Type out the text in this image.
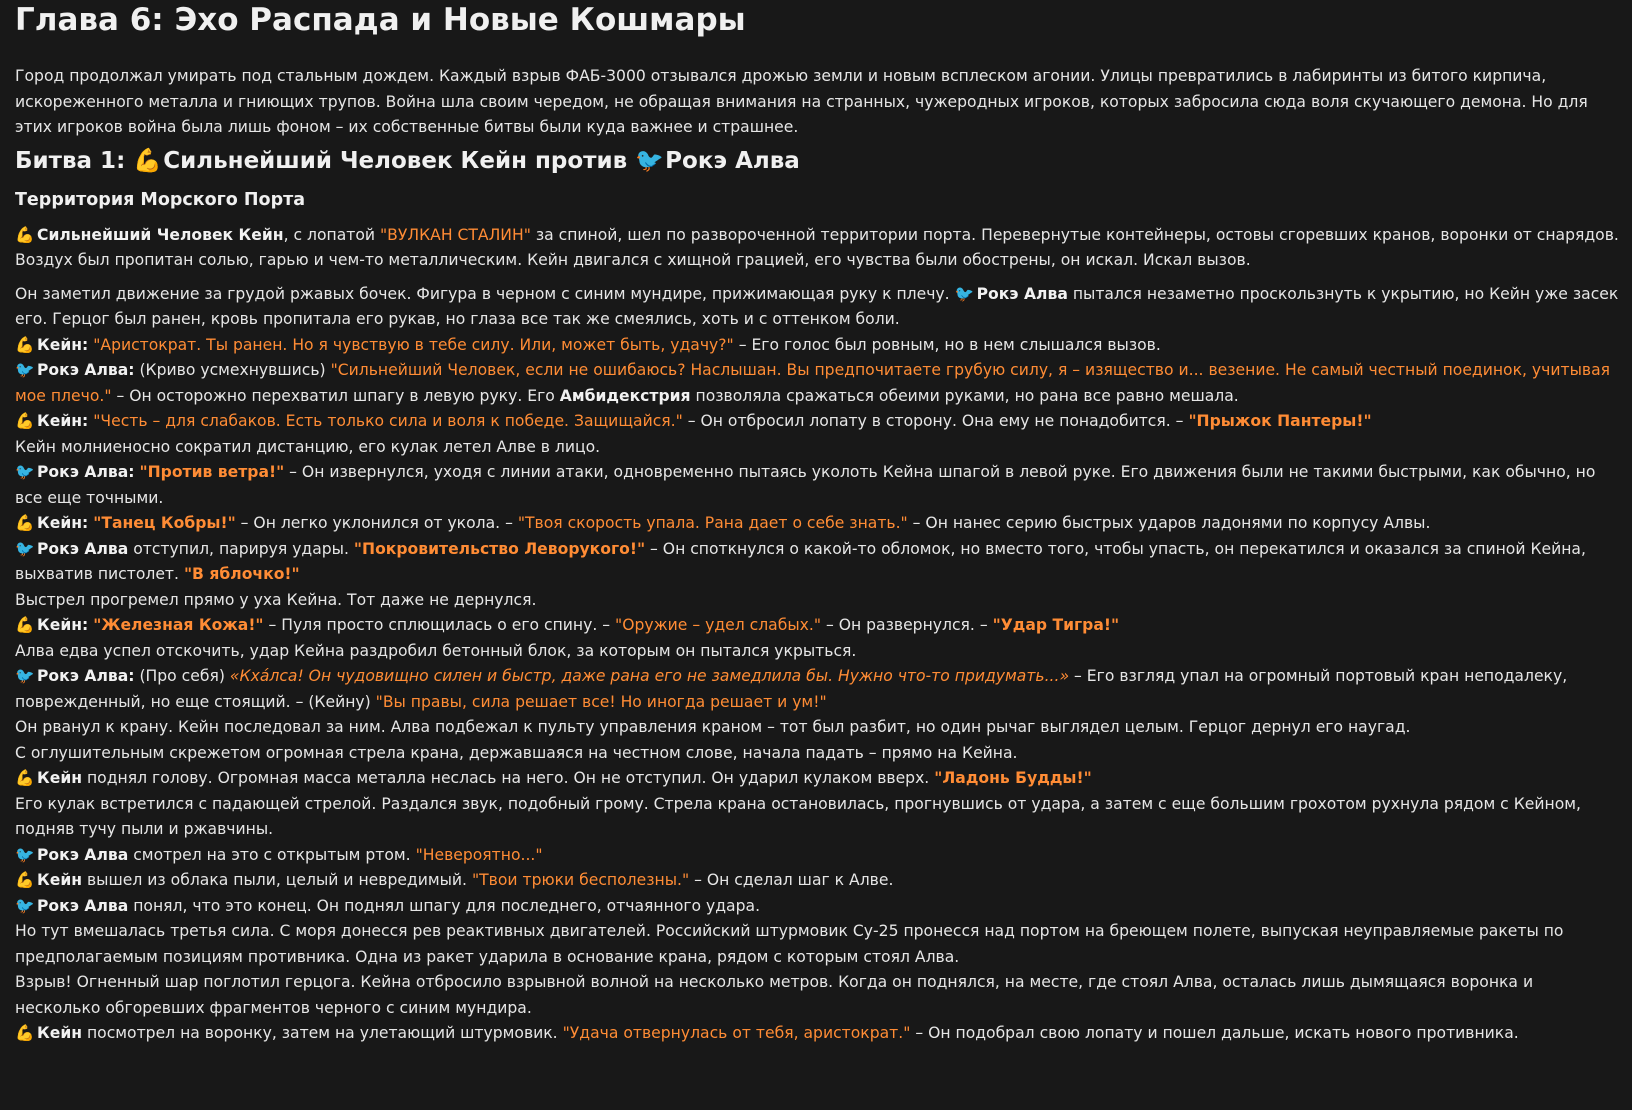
Глава 6: Эхо Распада и Новые Кошмары

Город продолжал умирать под стальным дождем. Каждый взрыв ФАБ-3000 отзывался дрожью земли и новым всплеском агонии. Улицы превратились в лабиринты из битого кирпича, искореженного металла и гниющих трупов. Война шла своим чередом, не обращая внимания на странных, чужеродных игроков, которых забросила сюда воля скучающего демона. Но для этих игроков война была лишь фоном – их собственные битвы были куда важнее и страшнее.

Битва 1: 💪 Сильнейший Человек Кейн против 🐦 Рокэ Алва
Территория Морского Порта

💪 Сильнейший Человек Кейн, с лопатой "ВУЛКАН СТАЛИН" за спиной, шел по развороченной территории порта. Перевернутые контейнеры, остовы сгоревших кранов, воронки от снарядов. Воздух был пропитан солью, гарью и чем-то металлическим. Кейн двигался с хищной грацией, его чувства были обострены, он искал. Искал вызов.

Он заметил движение за грудой ржавых бочек. Фигура в черном с синим мундире, прижимающая руку к плечу. 🐦 Рокэ Алва пытался незаметно проскользнуть к укрытию, но Кейн уже засек его. Герцог был ранен, кровь пропитала его рукав, но глаза все так же смеялись, хоть и с оттенком боли.

💪 Кейн: "Аристократ. Ты ранен. Но я чувствую в тебе силу. Или, может быть, удачу?" – Его голос был ровным, но в нем слышался вызов.

🐦 Рокэ Алва: (Криво усмехнувшись) "Сильнейший Человек, если не ошибаюсь? Наслышан. Вы предпочитаете грубую силу, я – изящество и... везение. Не самый честный поединок, учитывая мое плечо." – Он осторожно перехватил шпагу в левую руку. Его Амбидекстрия позволяла сражаться обеими руками, но рана все равно мешала.

💪 Кейн: "Честь – для слабаков. Есть только сила и воля к победе. Защищайся." – Он отбросил лопату в сторону. Она ему не понадобится. – "Прыжок Пантеры!"

Кейн молниеносно сократил дистанцию, его кулак летел Алве в лицо.

🐦 Рокэ Алва: "Против ветра!" – Он извернулся, уходя с линии атаки, одновременно пытаясь уколоть Кейна шпагой в левой руке. Его движения были не такими быстрыми, как обычно, но все еще точными.

💪 Кейн: "Танец Кобры!" – Он легко уклонился от укола. – "Твоя скорость упала. Рана дает о себе знать." – Он нанес серию быстрых ударов ладонями по корпусу Алвы.

🐦 Рокэ Алва отступил, парируя удары. "Покровительство Леворукого!" – Он споткнулся о какой-то обломок, но вместо того, чтобы упасть, он перекатился и оказался за спиной Кейна, выхватив пистолет. "В яблочко!"

Выстрел прогремел прямо у уха Кейна. Тот даже не дернулся.

💪 Кейн: "Железная Кожа!" – Пуля просто сплющилась о его спину. – "Оружие – удел слабых." – Он развернулся. – "Удар Тигра!"

Алва едва успел отскочить, удар Кейна раздробил бетонный блок, за которым он пытался укрыться.

🐦 Рокэ Алва: (Про себя) «Кхáлса! Он чудовищно силен и быстр, даже рана его не замедлила бы. Нужно что-то придумать...» – Его взгляд упал на огромный портовый кран неподалеку, поврежденный, но еще стоящий. – (Кейну) "Вы правы, сила решает все! Но иногда решает и ум!"

Он рванул к крану. Кейн последовал за ним. Алва подбежал к пульту управления краном – тот был разбит, но один рычаг выглядел целым. Герцог дернул его наугад.

С оглушительным скрежетом огромная стрела крана, державшаяся на честном слове, начала падать – прямо на Кейна.

💪 Кейн поднял голову. Огромная масса металла неслась на него. Он не отступил. Он ударил кулаком вверх. "Ладонь Будды!"

Его кулак встретился с падающей стрелой. Раздался звук, подобный грому. Стрела крана остановилась, прогнувшись от удара, а затем с еще большим грохотом рухнула рядом с Кейном, подняв тучу пыли и ржавчины.

🐦 Рокэ Алва смотрел на это с открытым ртом. "Невероятно..."

💪 Кейн вышел из облака пыли, целый и невредимый. "Твои трюки бесполезны." – Он сделал шаг к Алве.

🐦 Рокэ Алва понял, что это конец. Он поднял шпагу для последнего, отчаянного удара.

Но тут вмешалась третья сила. С моря донесся рев реактивных двигателей. Российский штурмовик Су-25 пронесся над портом на бреющем полете, выпуская неуправляемые ракеты по предполагаемым позициям противника. Одна из ракет ударила в основание крана, рядом с которым стоял Алва.

Взрыв! Огненный шар поглотил герцога. Кейна отбросило взрывной волной на несколько метров. Когда он поднялся, на месте, где стоял Алва, осталась лишь дымящаяся воронка и несколько обгоревших фрагментов черного с синим мундира.

💪 Кейн посмотрел на воронку, затем на улетающий штурмовик. "Удача отвернулась от тебя, аристократ." – Он подобрал свою лопату и пошел дальше, искать нового противника.
